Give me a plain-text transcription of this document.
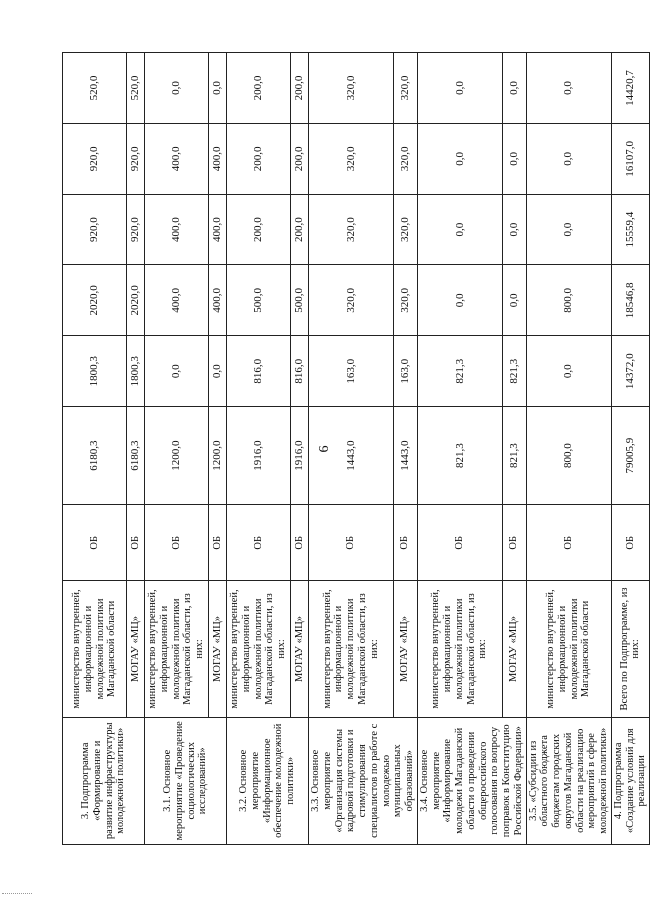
6
3. Подпрограмма «Формирование и развитие инфраструктуры молодежной политики»	министерство внутренней, информационной и молодежной политики Магаданской области	ОБ	6180,3	1800,3	2020,0	920,0	920,0	520,0
	МОГАУ «МЦ»	ОБ	6180,3	1800,3	2020,0	920,0	920,0	520,0
3.1. Основное мероприятие «Проведение социологических исследований»	министерство внутренней, информационной и молодежной политики Магаданской области, из них:	ОБ	1200,0	0,0	400,0	400,0	400,0	0,0
	МОГАУ «МЦ»	ОБ	1200,0	0,0	400,0	400,0	400,0	0,0
3.2. Основное мероприятие «Информационное обеспечение молодежной политики»	министерство внутренней, информационной и молодежной политики Магаданской области, из них:	ОБ	1916,0	816,0	500,0	200,0	200,0	200,0
	МОГАУ «МЦ»	ОБ	1916,0	816,0	500,0	200,0	200,0	200,0
3.3. Основное мероприятие «Организация системы кадровой подготовки и стимулирования специалистов по работе с молодежью муниципальных образований»	министерство внутренней, информационной и молодежной политики Магаданской области, из них:	ОБ	1443,0	163,0	320,0	320,0	320,0	320,0
	МОГАУ «МЦ»	ОБ	1443,0	163,0	320,0	320,0	320,0	320,0
3.4. Основное мероприятие «Информирование молодежи Магаданской области о проведении общероссийского голосования по вопросу поправок в Конституцию Российской Федерации»	министерство внутренней, информационной и молодежной политики Магаданской области, из них:	ОБ	821,3	821,3	0,0	0,0	0,0	0,0
	МОГАУ «МЦ»	ОБ	821,3	821,3	0,0	0,0	0,0	0,0
3.5. «Субсидии из областного бюджета бюджетам городских округов Магаданской области на реализацию мероприятий в сфере молодежной политики»	министерство внутренней, информационной и молодежной политики Магаданской области	ОБ	800,0	0,0	800,0	0,0	0,0	0,0
4. Подпрограмма «Создание условий для реализации	Всего по Подпрограмме, из них:	ОБ	79005,9	14372,0	18546,8	15559,4	16107,0	14420,7
